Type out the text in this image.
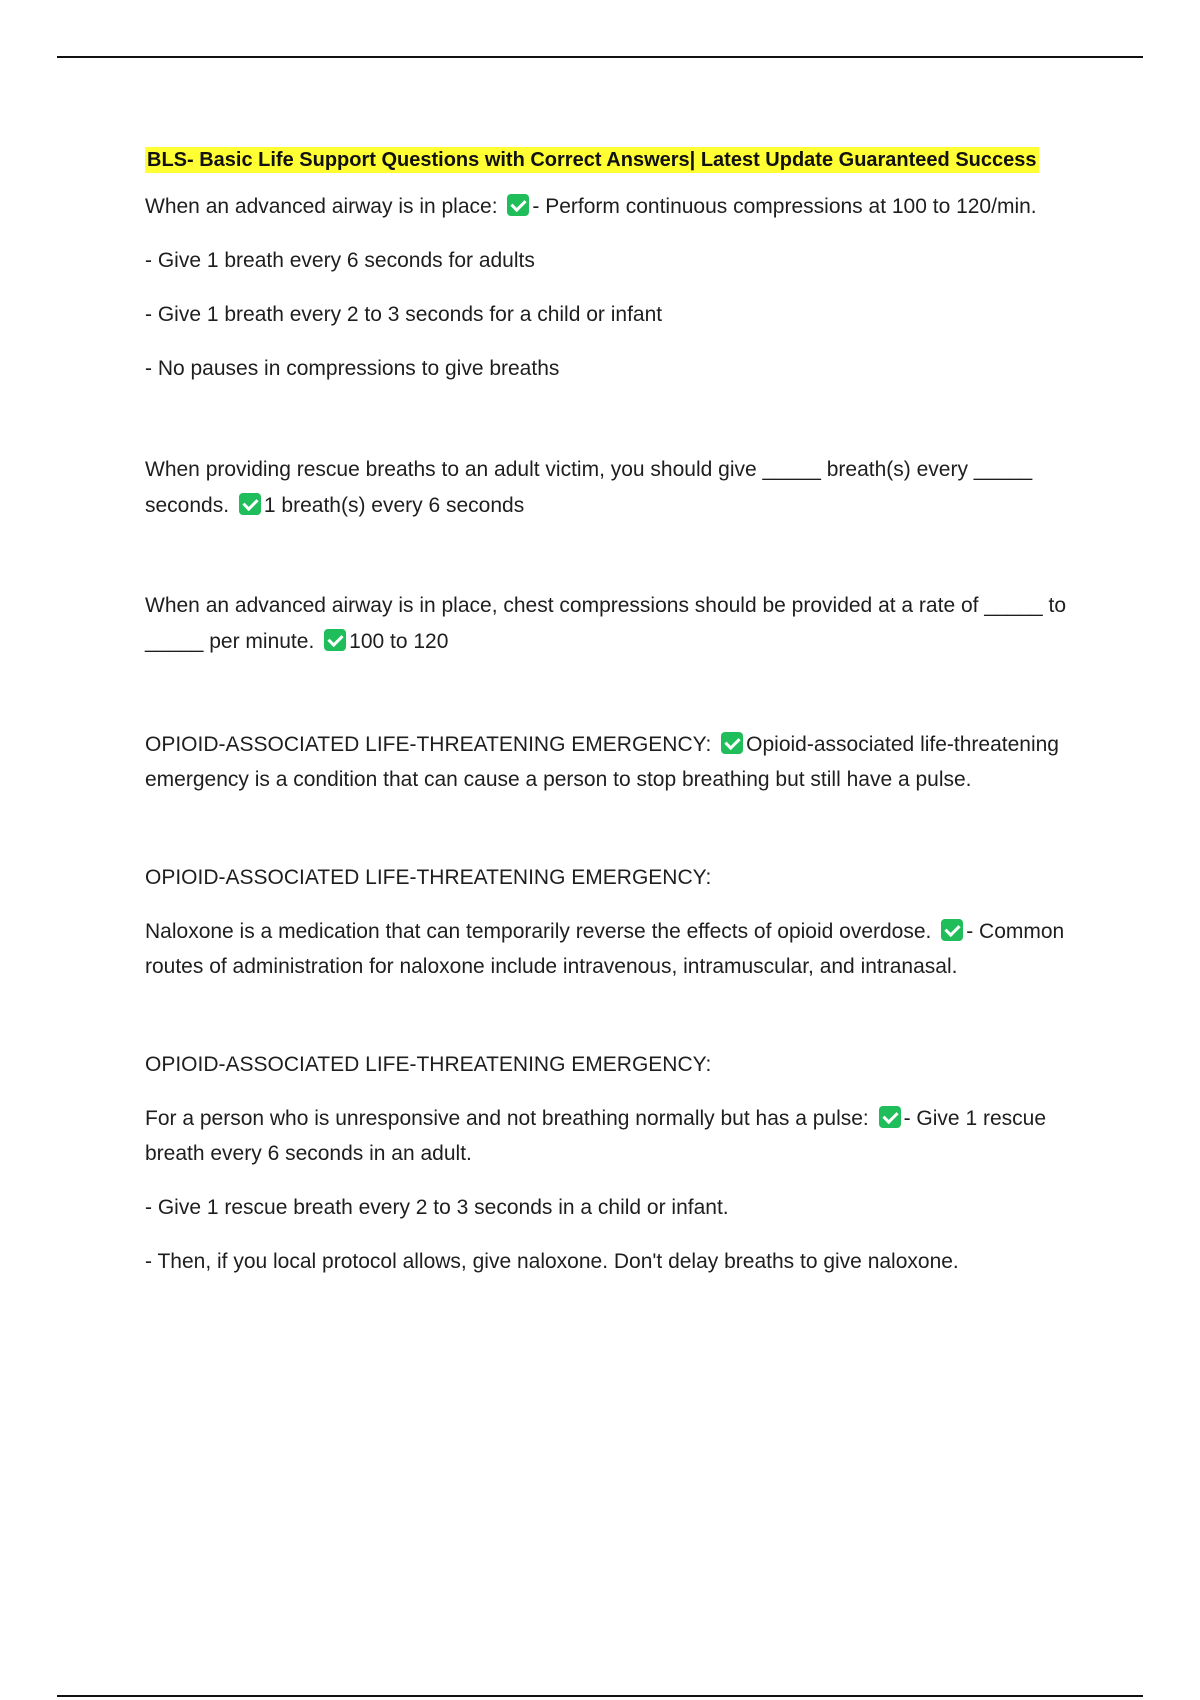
BLS- Basic Life Support Questions with Correct Answers| Latest Update Guaranteed Success

When an advanced airway is in place: - Perform continuous compressions at 100 to 120/min.

- Give 1 breath every 6 seconds for adults

- Give 1 breath every 2 to 3 seconds for a child or infant

- No pauses in compressions to give breaths

When providing rescue breaths to an adult victim, you should give _____ breath(s) every _____ seconds. 1 breath(s) every 6 seconds

When an advanced airway is in place, chest compressions should be provided at a rate of _____ to _____ per minute. 100 to 120

OPIOID-ASSOCIATED LIFE-THREATENING EMERGENCY: Opioid-associated life-threatening emergency is a condition that can cause a person to stop breathing but still have a pulse.

OPIOID-ASSOCIATED LIFE-THREATENING EMERGENCY:

Naloxone is a medication that can temporarily reverse the effects of opioid overdose. - Common routes of administration for naloxone include intravenous, intramuscular, and intranasal.

OPIOID-ASSOCIATED LIFE-THREATENING EMERGENCY:

For a person who is unresponsive and not breathing normally but has a pulse: - Give 1 rescue breath every 6 seconds in an adult.

- Give 1 rescue breath every 2 to 3 seconds in a child or infant.

- Then, if you local protocol allows, give naloxone. Don't delay breaths to give naloxone.
